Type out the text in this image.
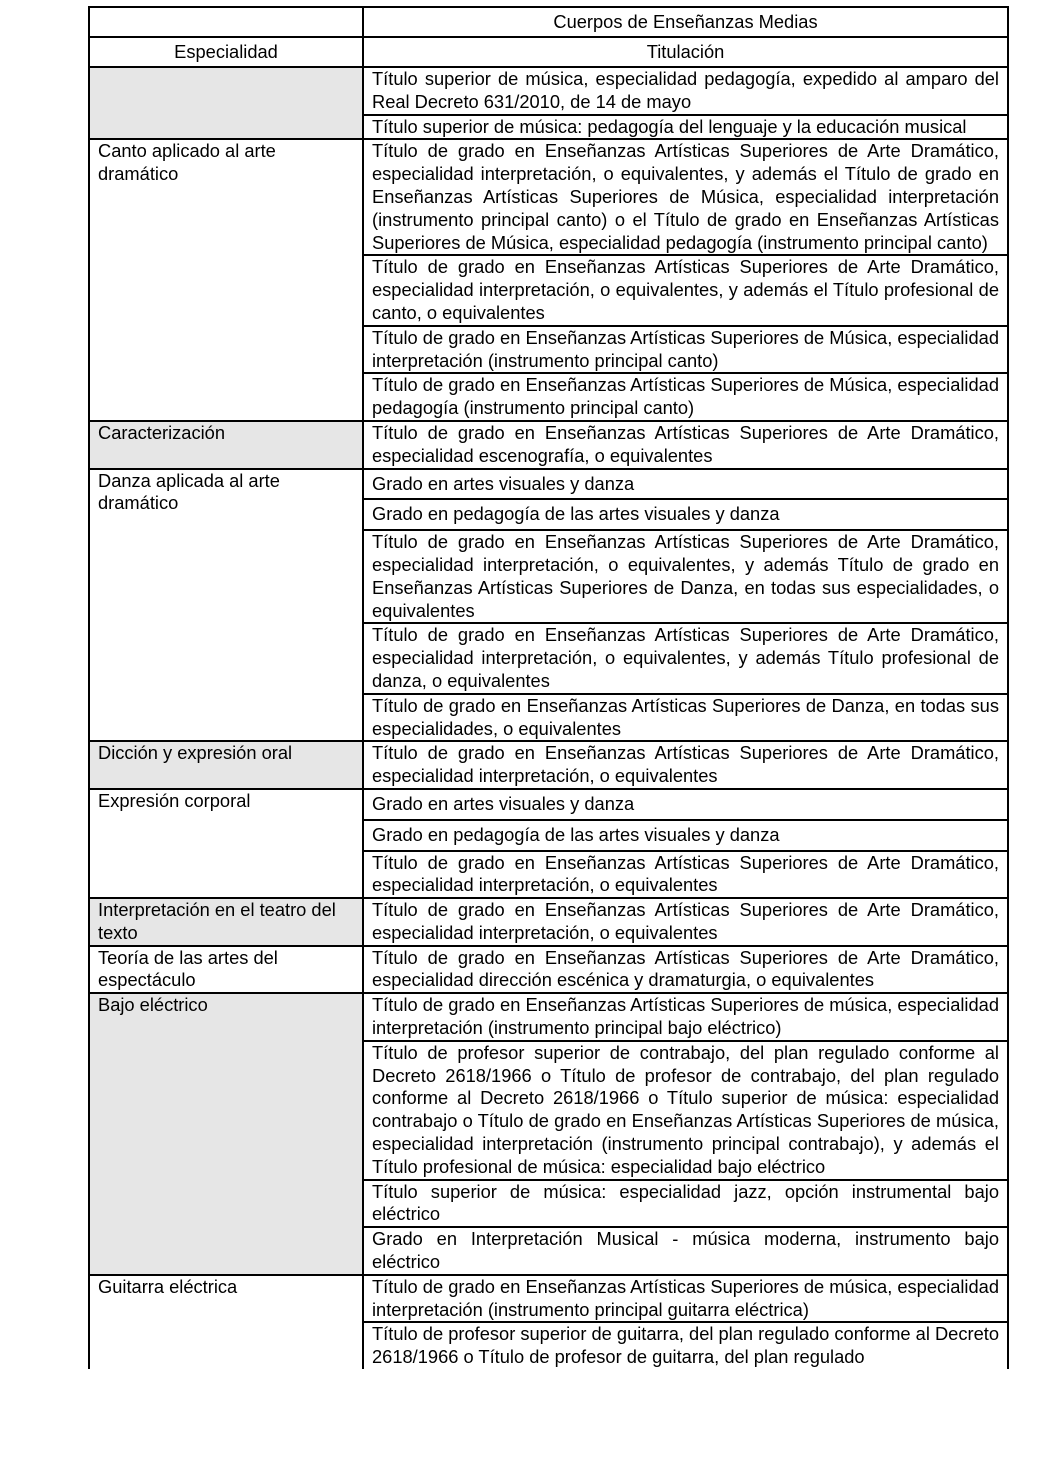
	Cuerpos de Enseñanzas Medias
Especialidad	Titulación
	Título superior de música, especialidad pedagogía, expedido al amparo del Real Decreto 631/2010, de 14 de mayo
	Título superior de música: pedagogía del lenguaje y la educación musical
Canto aplicado al arte dramático	Título de grado en Enseñanzas Artísticas Superiores de Arte Dramático, especialidad interpretación, o equivalentes, y además el Título de grado en Enseñanzas Artísticas Superiores de Música, especialidad interpretación (instrumento principal canto) o el Título de grado en Enseñanzas Artísticas Superiores de Música, especialidad pedagogía (instrumento principal canto)
	Título de grado en Enseñanzas Artísticas Superiores de Arte Dramático, especialidad interpretación, o equivalentes, y además el Título profesional de canto, o equivalentes
	Título de grado en Enseñanzas Artísticas Superiores de Música, especialidad interpretación (instrumento principal canto)
	Título de grado en Enseñanzas Artísticas Superiores de Música, especialidad pedagogía (instrumento principal canto)
Caracterización	Título de grado en Enseñanzas Artísticas Superiores de Arte Dramático, especialidad escenografía, o equivalentes
Danza aplicada al arte dramático	Grado en artes visuales y danza
	Grado en pedagogía de las artes visuales y danza
	Título de grado en Enseñanzas Artísticas Superiores de Arte Dramático, especialidad interpretación, o equivalentes, y además Título de grado en Enseñanzas Artísticas Superiores de Danza, en todas sus especialidades, o equivalentes
	Título de grado en Enseñanzas Artísticas Superiores de Arte Dramático, especialidad interpretación, o equivalentes, y además Título profesional de danza, o equivalentes
	Título de grado en Enseñanzas Artísticas Superiores de Danza, en todas sus especialidades, o equivalentes
Dicción y expresión oral	Título de grado en Enseñanzas Artísticas Superiores de Arte Dramático, especialidad interpretación, o equivalentes
Expresión corporal	Grado en artes visuales y danza
	Grado en pedagogía de las artes visuales y danza
	Título de grado en Enseñanzas Artísticas Superiores de Arte Dramático, especialidad interpretación, o equivalentes
Interpretación en el teatro del texto	Título de grado en Enseñanzas Artísticas Superiores de Arte Dramático, especialidad interpretación, o equivalentes
Teoría de las artes del espectáculo	Título de grado en Enseñanzas Artísticas Superiores de Arte Dramático, especialidad dirección escénica y dramaturgia, o equivalentes
Bajo eléctrico	Título de grado en Enseñanzas Artísticas Superiores de música, especialidad interpretación (instrumento principal bajo eléctrico)
	Título de profesor superior de contrabajo, del plan regulado conforme al Decreto 2618/1966 o Título de profesor de contrabajo, del plan regulado conforme al Decreto 2618/1966 o Título superior de música: especialidad contrabajo o Título de grado en Enseñanzas Artísticas Superiores de música, especialidad interpretación (instrumento principal contrabajo), y además el Título profesional de música: especialidad bajo eléctrico
	Título superior de música: especialidad jazz, opción instrumental bajo eléctrico
	Grado en Interpretación Musical - música moderna, instrumento bajo eléctrico
Guitarra eléctrica	Título de grado en Enseñanzas Artísticas Superiores de música, especialidad interpretación (instrumento principal guitarra eléctrica)
	Título de profesor superior de guitarra, del plan regulado conforme al Decreto 2618/1966 o Título de profesor de guitarra, del plan regulado
